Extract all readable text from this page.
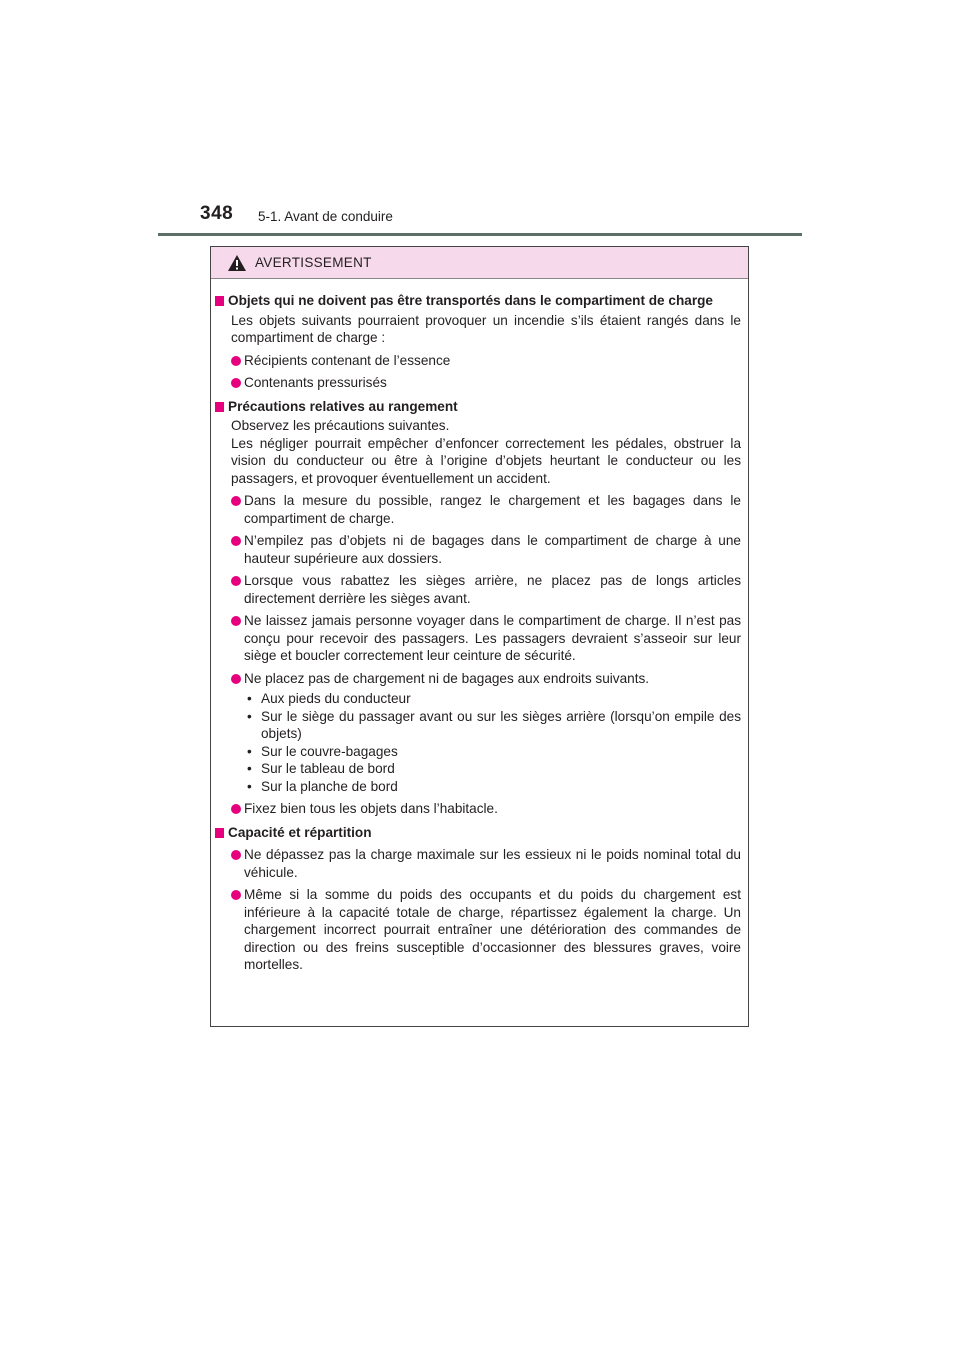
348 5-1. Avant de conduire
AVERTISSEMENT
Objets qui ne doivent pas être transportés dans le compartiment de charge
Les objets suivants pourraient provoquer un incendie s’ils étaient rangés dans le compartiment de charge :
Récipients contenant de l’essence
Contenants pressurisés
Précautions relatives au rangement
Observez les précautions suivantes.
Les négliger pourrait empêcher d’enfoncer correctement les pédales, obstruer la vision du conducteur ou être à l’origine d’objets heurtant le conducteur ou les passagers, et provoquer éventuellement un accident.
Dans la mesure du possible, rangez le chargement et les bagages dans le compartiment de charge.
N’empilez pas d’objets ni de bagages dans le compartiment de charge à une hauteur supérieure aux dossiers.
Lorsque vous rabattez les sièges arrière, ne placez pas de longs articles directement derrière les sièges avant.
Ne laissez jamais personne voyager dans le compartiment de charge. Il n’est pas conçu pour recevoir des passagers. Les passagers devraient s’asseoir sur leur siège et boucler correctement leur ceinture de sécurité.
Ne placez pas de chargement ni de bagages aux endroits suivants.
• Aux pieds du conducteur
• Sur le siège du passager avant ou sur les sièges arrière (lorsqu’on empile des objets)
• Sur le couvre-bagages
• Sur le tableau de bord
• Sur la planche de bord
Fixez bien tous les objets dans l’habitacle.
Capacité et répartition
Ne dépassez pas la charge maximale sur les essieux ni le poids nominal total du véhicule.
Même si la somme du poids des occupants et du poids du chargement est inférieure à la capacité totale de charge, répartissez également la charge. Un chargement incorrect pourrait entraîner une détérioration des commandes de direction ou des freins susceptible d’occasionner des blessures graves, voire mortelles.
